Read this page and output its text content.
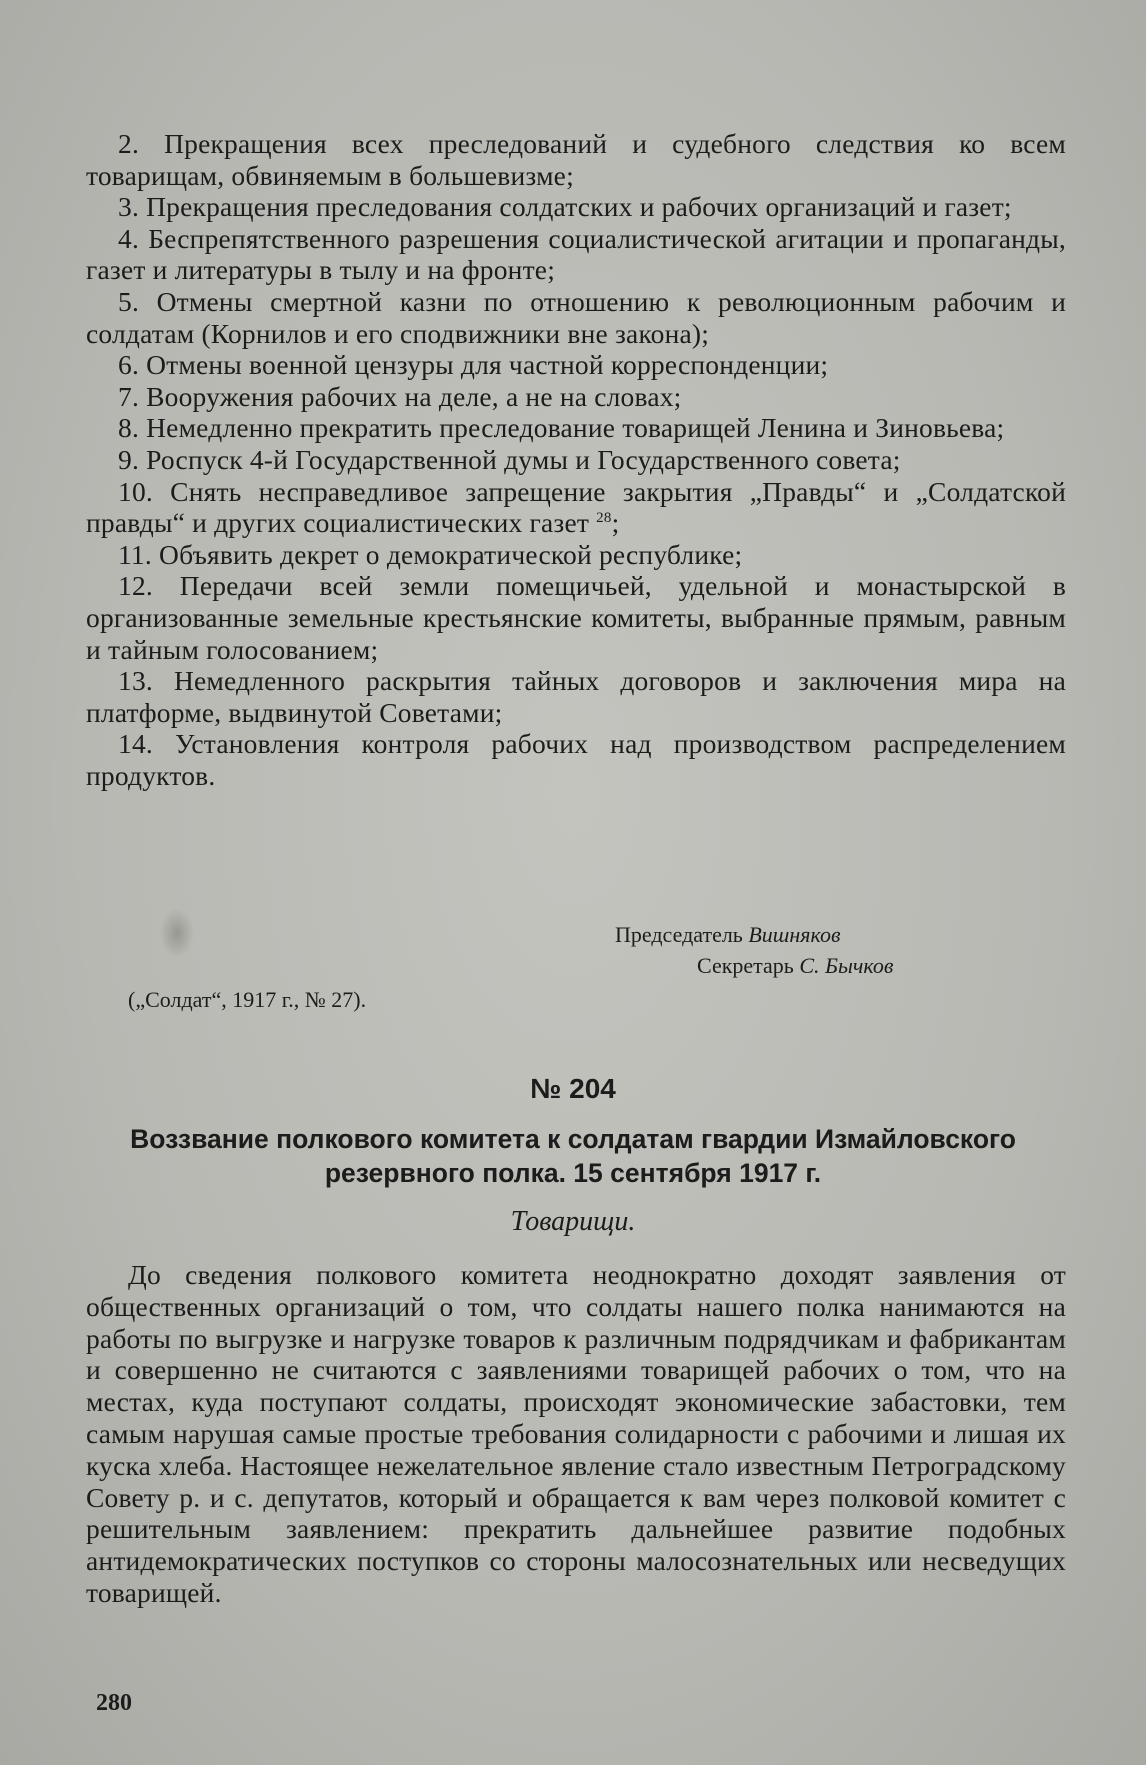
2. Прекращения всех преследований и судебного следствия ко всем товарищам, обвиняемым в большевизме;

3. Прекращения преследования солдатских и рабочих организаций и газет;

4. Беспрепятственного разрешения социалистической агитации и пропаганды, газет и литературы в тылу и на фронте;

5. Отмены смертной казни по отношению к революционным рабочим и солдатам (Корнилов и его сподвижники вне закона);

6. Отмены военной цензуры для частной корреспонденции;

7. Вооружения рабочих на деле, а не на словах;

8. Немедленно прекратить преследование товарищей Ленина и Зиновьева;

9. Роспуск 4-й Государственной думы и Государственного совета;

10. Снять несправедливое запрещение закрытия „Правды“ и „Солдатской правды“ и других социалистических газет $^{28}$;

11. Объявить декрет о демократической республике;

12. Передачи всей земли помещичьей, удельной и монастырской в организованные земельные крестьянские комитеты, выбранные прямым, равным и тайным голосованием;

13. Немедленного раскрытия тайных договоров и заключения мира на платформе, выдвинутой Советами;

14. Установления контроля рабочих над производством распределением продуктов.

Председатель Вишняков
Секретарь С. Бычков
(„Солдат“, 1917 г., № 27).
№ 204
Воззвание полкового комитета к солдатам гвардии Измайловского резервного полка. 15 сентября 1917 г.
Товарищи.

До сведения полкового комитета неоднократно доходят заявления от общественных организаций о том, что солдаты нашего полка нанимаются на работы по выгрузке и нагрузке товаров к различным подрядчикам и фабрикантам и совершенно не считаются с заявлениями товарищей рабочих о том, что на местах, куда поступают солдаты, происходят экономические забастовки, тем самым нарушая самые простые требования солидарности с рабочими и лишая их куска хлеба. Настоящее нежелательное явление стало известным Петроградскому Совету р. и с. депутатов, который и обращается к вам через полковой комитет с решительным заявлением: прекратить дальнейшее развитие подобных антидемократических поступков со стороны малосознательных или несведущих товарищей.

280
